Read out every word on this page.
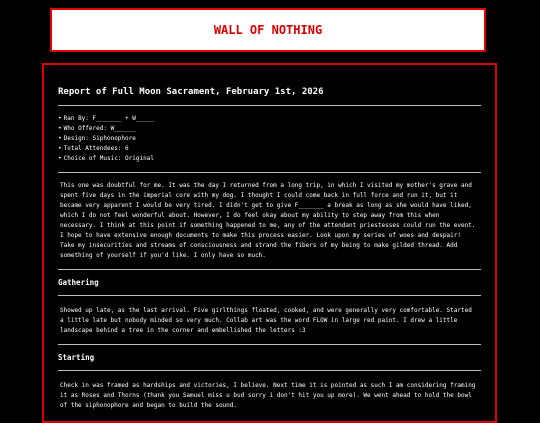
WALL OF NOTHING
Report of Full Moon Sacrament, February 1st, 2026
• Ran By: F_______ + W_____
• Who Offered: W______
• Design: Siphonophore
• Total Attendees: 6
• Choice of Music: Original
This one was doubtful for me. It was the day I returned from a long trip, in which I visited my mother's grave and spent five days in the imperial core with my dog. I thought I could come back in full force and run it, but it became very apparent I would be very tired. I didn't get to give F_______ a break as long as she would have liked, which I do not feel wonderful about. However, I do feel okay about my ability to step away from this when necessary. I think at this point if something happened to me, any of the attendant priestesses could run the event. I hope to have extensive enough documents to make this process easier. Look upon my series of woes and despair! Take my insecurities and streams of consciousness and strand the fibers of my being to make gilded thread. Add something of yourself if you'd like. I only have so much.
Gathering
Showed up late, as the last arrival. Five girlthings floated, cooked, and were generally very comfortable. Started a little late but nobody minded so very much. Collab art was the word FLOW in large red paint. I drew a little landscape behind a tree in the corner and embellished the letters :3
Starting
Check in was framed as hardships and victories, I believe. Next time it is pointed as such I am considering framing it as Roses and Thorns (thank you Samuel miss u bud sorry i don't hit you up more). We went ahead to hold the bowl of the siphonophore and began to build the sound.
